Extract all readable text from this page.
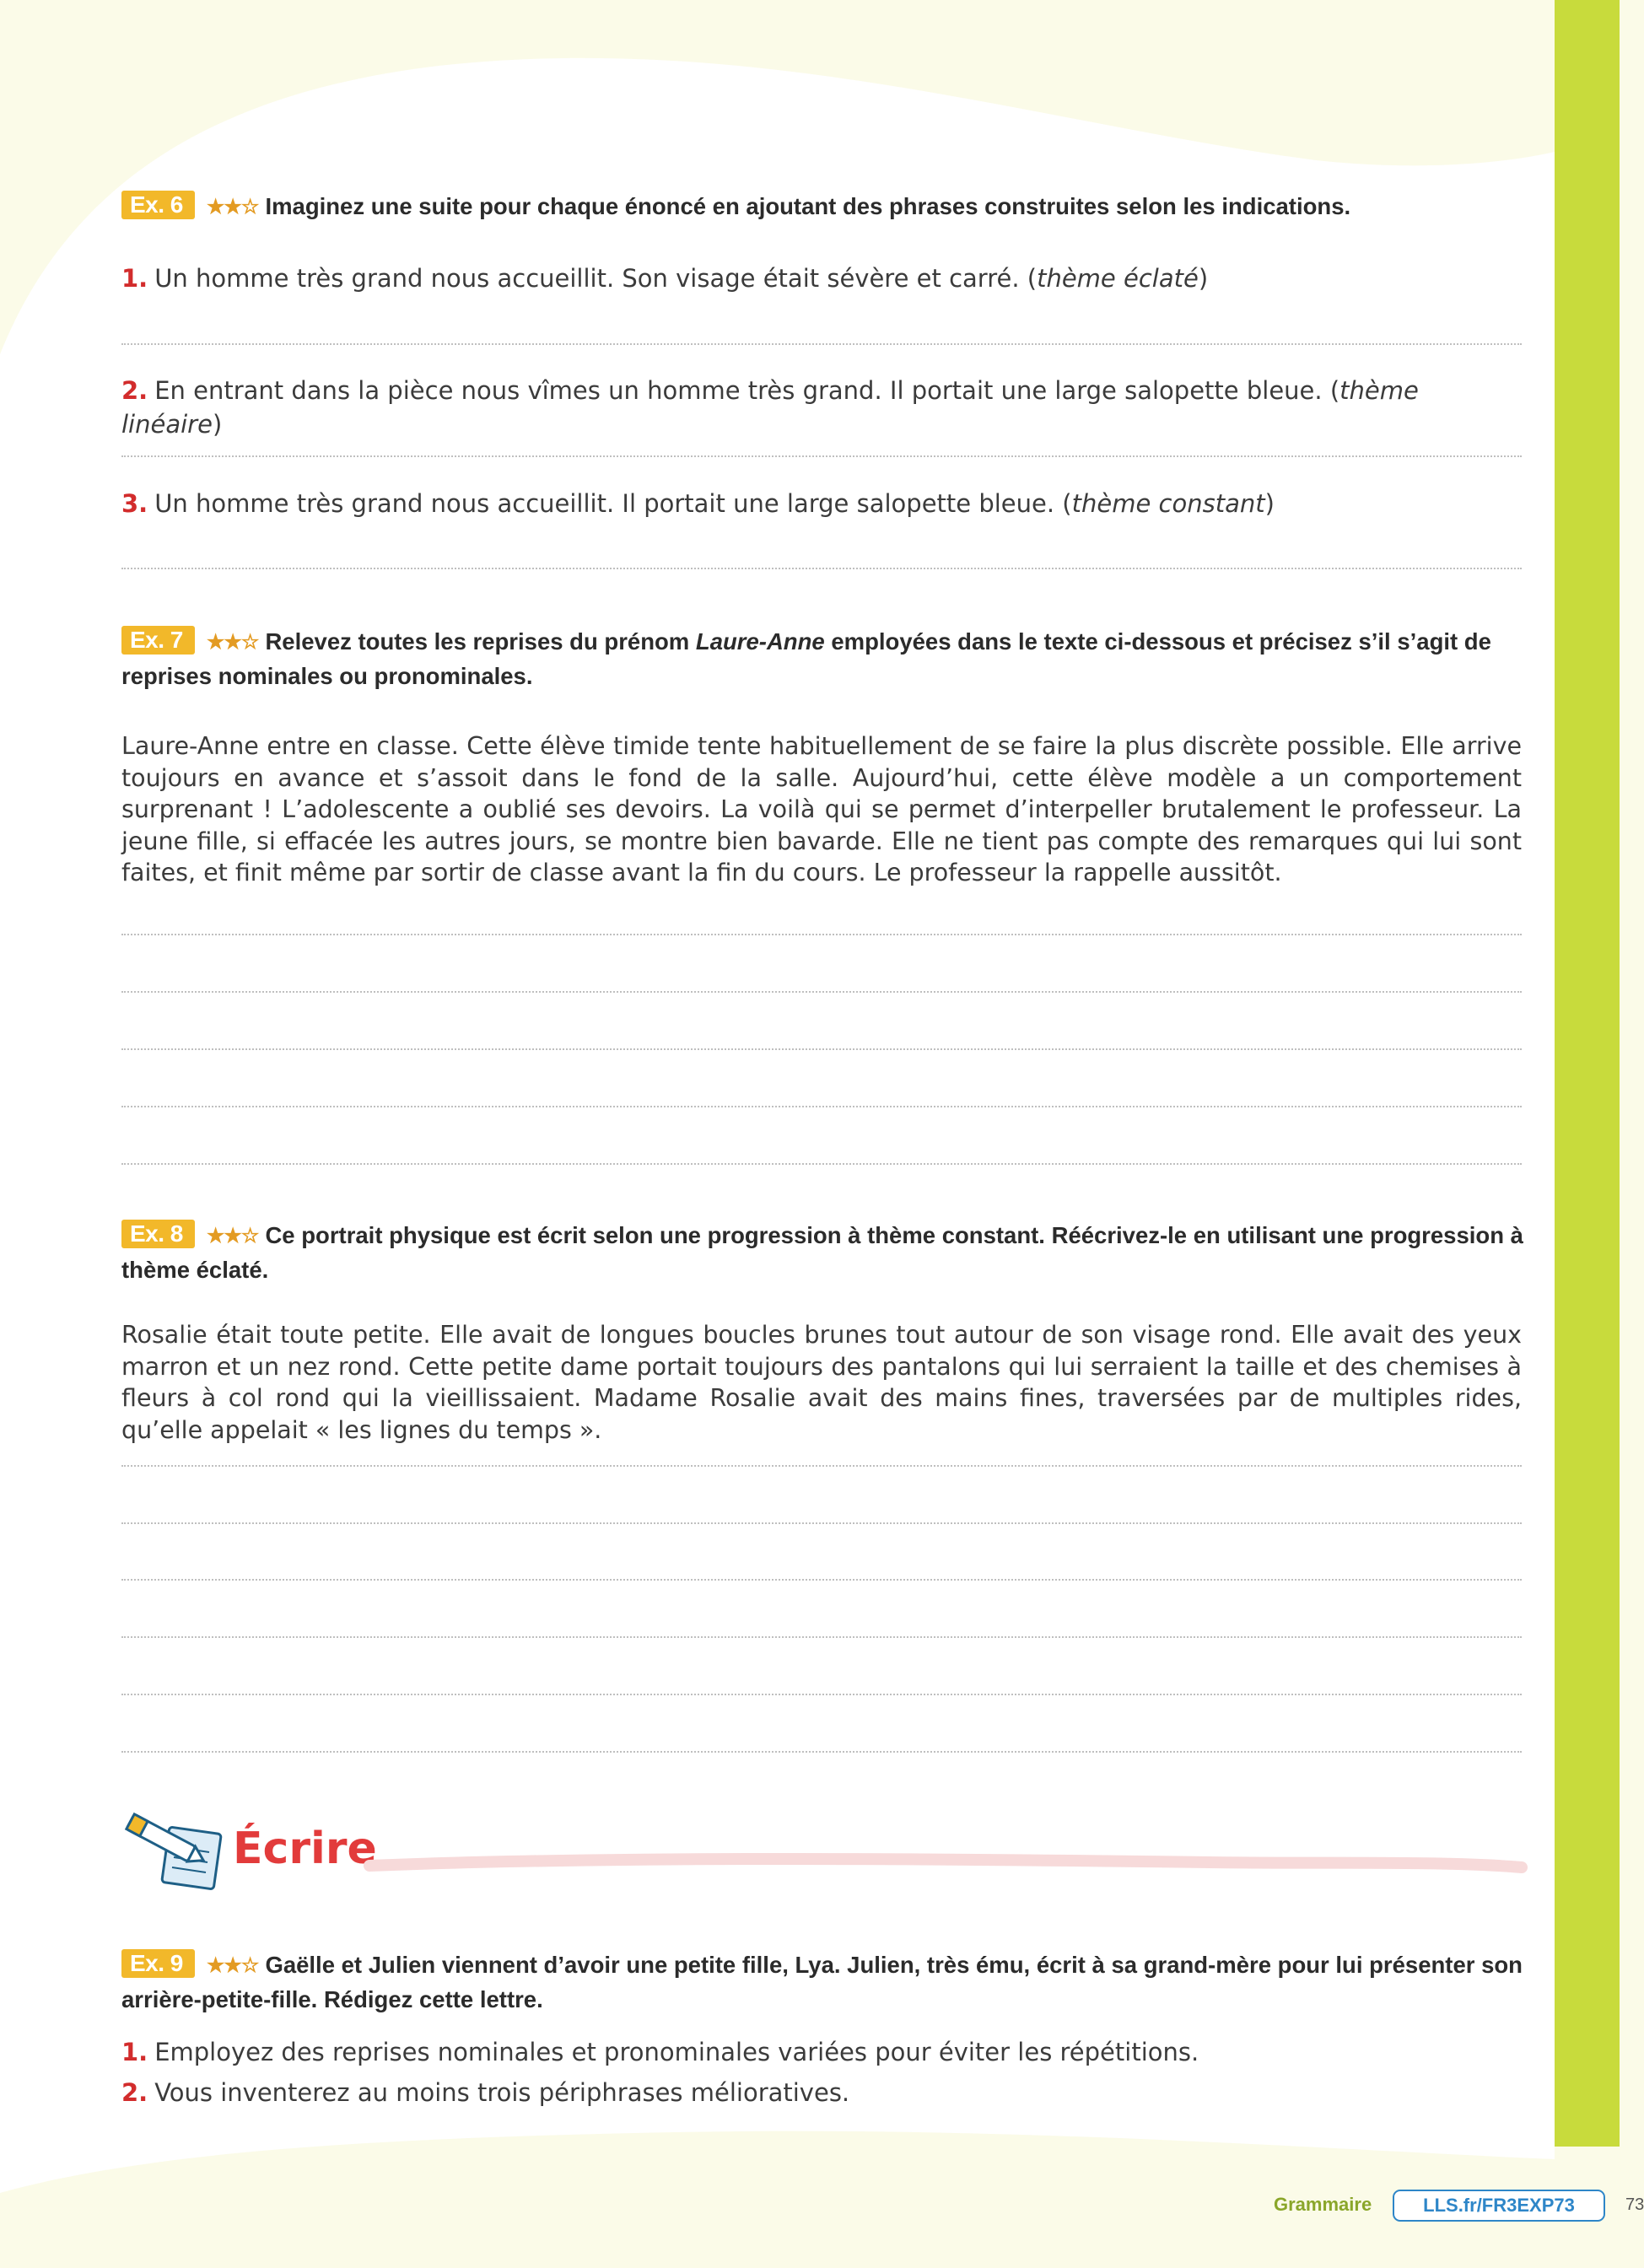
Ex. 6 ★★☆ Imaginez une suite pour chaque énoncé en ajoutant des phrases construites selon les indications.
1. Un homme très grand nous accueillit. Son visage était sévère et carré. (thème éclaté)
2. En entrant dans la pièce nous vîmes un homme très grand. Il portait une large salopette bleue. (thème linéaire)
3. Un homme très grand nous accueillit. Il portait une large salopette bleue. (thème constant)
Ex. 7 ★★☆ Relevez toutes les reprises du prénom Laure-Anne employées dans le texte ci-dessous et précisez s’il s’agit de reprises nominales ou pronominales.
Laure-Anne entre en classe. Cette élève timide tente habituellement de se faire la plus discrète possible. Elle arrive toujours en avance et s’assoit dans le fond de la salle. Aujourd’hui, cette élève modèle a un comportement surprenant ! L’adolescente a oublié ses devoirs. La voilà qui se permet d’interpeller brutalement le professeur. La jeune fille, si effacée les autres jours, se montre bien bavarde. Elle ne tient pas compte des remarques qui lui sont faites, et finit même par sortir de classe avant la fin du cours. Le professeur la rappelle aussitôt.
Ex. 8 ★★☆ Ce portrait physique est écrit selon une progression à thème constant. Réécrivez-le en utilisant une progression à thème éclaté.
Rosalie était toute petite. Elle avait de longues boucles brunes tout autour de son visage rond. Elle avait des yeux marron et un nez rond. Cette petite dame portait toujours des pantalons qui lui serraient la taille et des chemises à fleurs à col rond qui la vieillissaient. Madame Rosalie avait des mains fines, traversées par de multiples rides, qu’elle appelait « les lignes du temps ».
Écrire
Ex. 9 ★★☆ Gaëlle et Julien viennent d’avoir une petite fille, Lya. Julien, très ému, écrit à sa grand-mère pour lui présenter son arrière-petite-fille. Rédigez cette lettre.
1. Employez des reprises nominales et pronominales variées pour éviter les répétitions.
2. Vous inventerez au moins trois périphrases mélioratives.
Grammaire	LLS.fr/FR3EXP73	73
